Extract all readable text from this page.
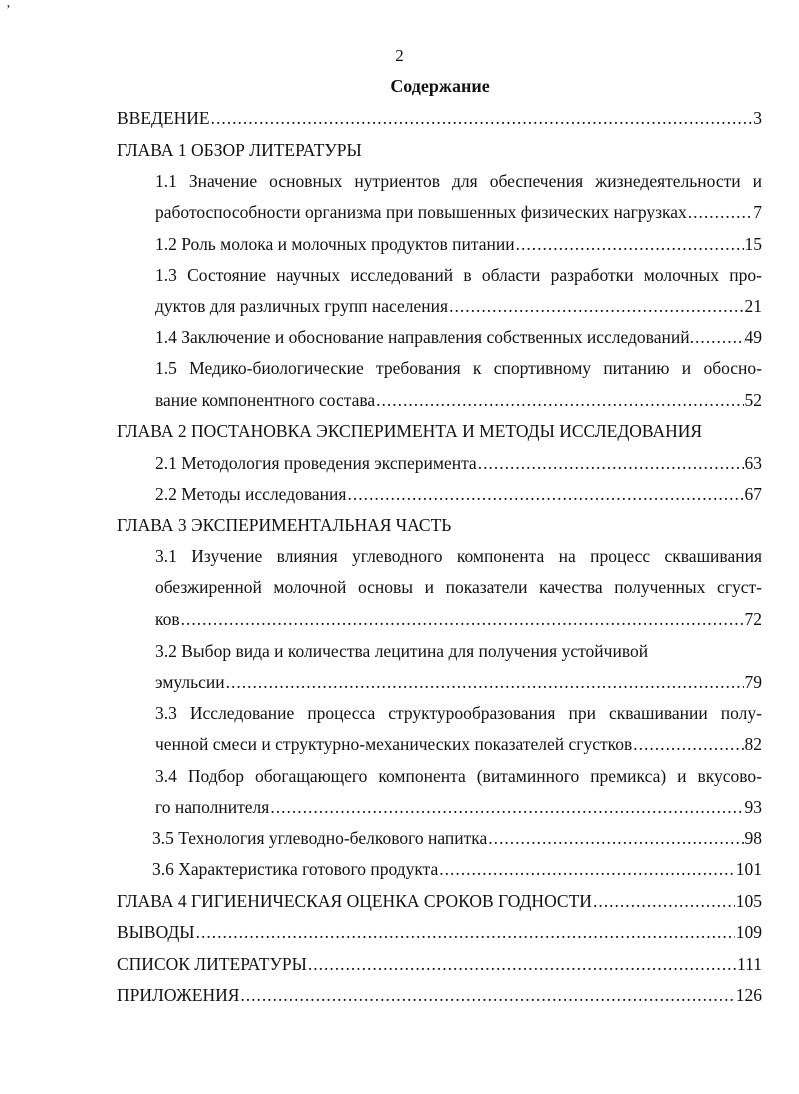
ʼ
2
Содержание
ВВЕДЕНИЕ .....	3
ГЛАВА 1 ОБЗОР ЛИТЕРАТУРЫ
1.1 Значение основных нутриентов для обеспечения жизнедеятельности и
работоспособности организма при повышенных физических нагрузках .....	7
1.2 Роль молока и молочных продуктов питании .....	15
1.3 Состояние научных исследований в области разработки молочных про-
дуктов для различных групп населения .....	21
1.4 Заключение и обоснование направления собственных исследований .....	49
1.5 Медико-биологические требования к спортивному питанию и обосно-
вание компонентного состава .....	52
ГЛАВА 2 ПОСТАНОВКА ЭКСПЕРИМЕНТА И МЕТОДЫ ИССЛЕДОВАНИЯ
2.1 Методология проведения эксперимента .....	63
2.2 Методы исследования .....	67
ГЛАВА 3 ЭКСПЕРИМЕНТАЛЬНАЯ ЧАСТЬ
3.1 Изучение влияния углеводного компонента на процесс сквашивания
обезжиренной молочной основы и показатели качества полученных сгуст-
ков .....	72
3.2 Выбор вида и количества лецитина для получения устойчивой
эмульсии .....	79
3.3 Исследование процесса структурообразования при сквашивании полу-
ченной смеси и структурно-механических показателей сгустков .....	82
3.4 Подбор обогащающего компонента (витаминного премикса) и вкусово-
го наполнителя .....	93
3.5 Технология углеводно-белкового напитка .....	98
3.6 Характеристика готового продукта .....	101
ГЛАВА 4 ГИГИЕНИЧЕСКАЯ ОЦЕНКА СРОКОВ ГОДНОСТИ .....	105
ВЫВОДЫ .....	109
СПИСОК ЛИТЕРАТУРЫ .....	111
ПРИЛОЖЕНИЯ .....	126
